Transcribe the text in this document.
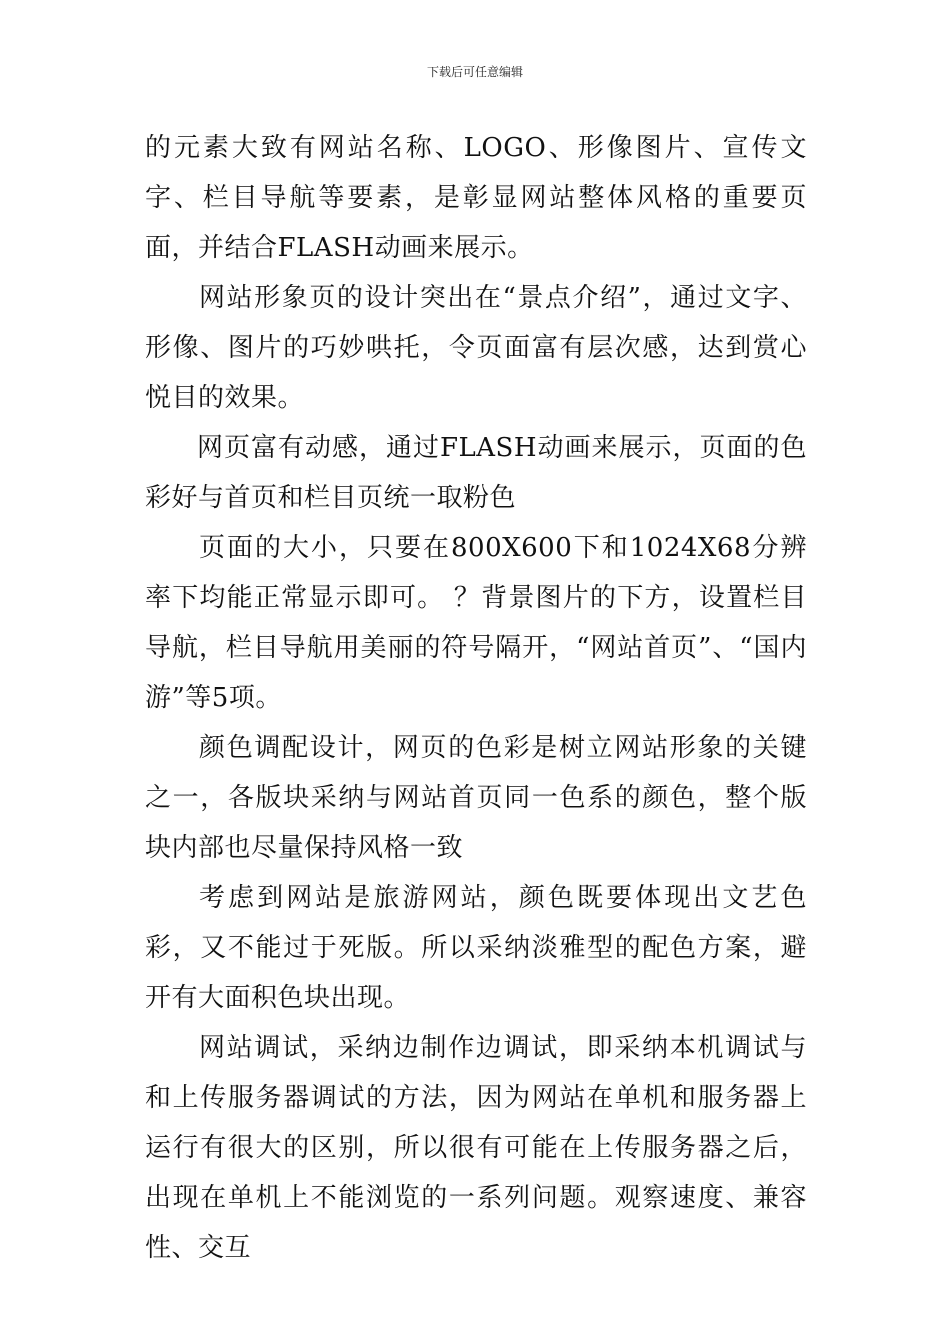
下载后可任意编辑

的元素大致有网站名称、LOGO、形像图片、宣传文字、栏目导航等要素，是彰显网站整体风格的重要页面，并结合FLASH动画来展示。

网站形象页的设计突出在“景点介绍”，通过文字、形像、图片的巧妙哄托，令页面富有层次感，达到赏心悦目的效果。

网页富有动感，通过FLASH动画来展示，页面的色彩好与首页和栏目页统一取粉色

页面的大小，只要在800X600下和1024X68分辨率下均能正常显示即可。 ？背景图片的下方，设置栏目导航，栏目导航用美丽的符号隔开，“网站首页”、“国内游”等5项。

颜色调配设计，网页的色彩是树立网站形象的关键之一，各版块采纳与网站首页同一色系的颜色，整个版块内部也尽量保持风格一致

考虑到网站是旅游网站，颜色既要体现出文艺色彩，又不能过于死版。所以采纳淡雅型的配色方案，避开有大面积色块出现。

网站调试，采纳边制作边调试，即采纳本机调试与和上传服务器调试的方法，因为网站在单机和服务器上运行有很大的区别，所以很有可能在上传服务器之后，出现在单机上不能浏览的一系列问题。观察速度、兼容性、交互
